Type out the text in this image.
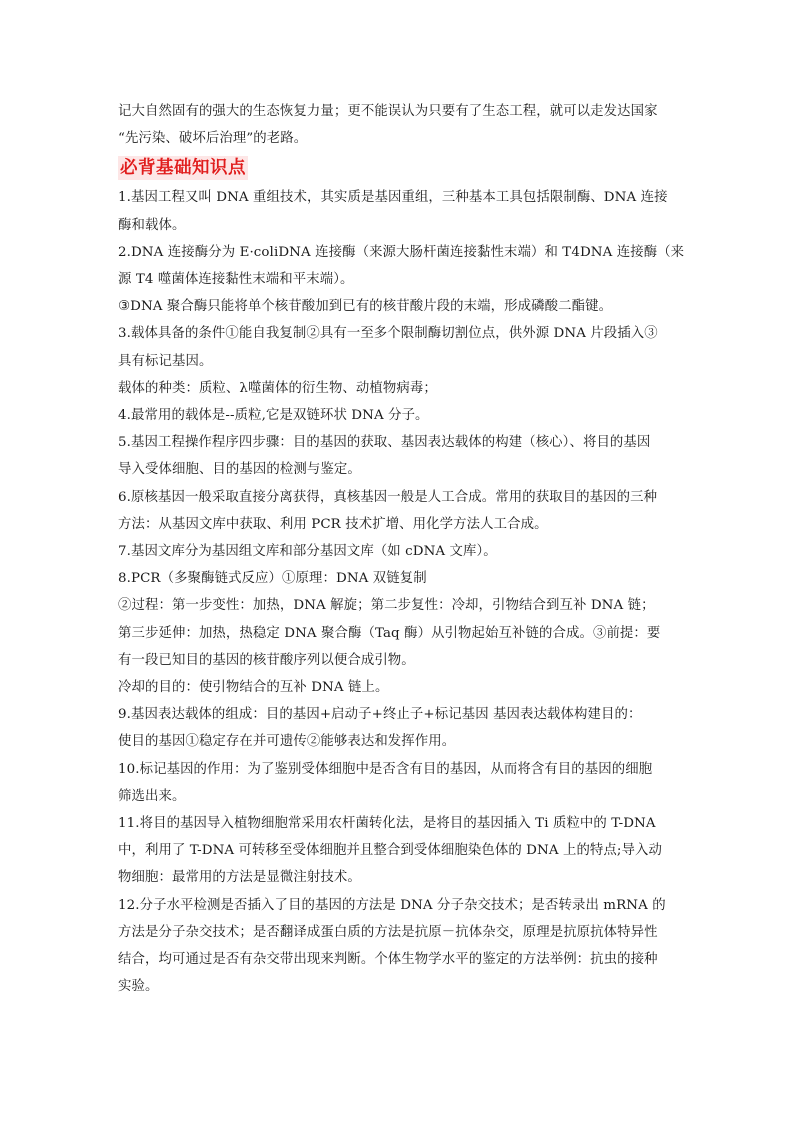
记大自然固有的强大的生态恢复力量；更不能误认为只要有了生态工程，就可以走发达国家
“先污染、破坏后治理”的老路。
必背基础知识点
1.基因工程又叫 DNA 重组技术，其实质是基因重组，三种基本工具包括限制酶、DNA 连接
酶和载体。
2.DNA 连接酶分为 E·coliDNA 连接酶（来源大肠杆菌连接黏性末端）和 T4DNA 连接酶（来
源 T4 噬菌体连接黏性末端和平末端）。
③DNA 聚合酶只能将单个核苷酸加到已有的核苷酸片段的末端，形成磷酸二酯键。
3.载体具备的条件①能自我复制②具有一至多个限制酶切割位点，供外源 DNA 片段插入③
具有标记基因。
载体的种类：质粒、λ噬菌体的衍生物、动植物病毒；
4.最常用的载体是--质粒,它是双链环状 DNA 分子。
5.基因工程操作程序四步骤：目的基因的获取、基因表达载体的构建（核心）、将目的基因
导入受体细胞、目的基因的检测与鉴定。
6.原核基因一般采取直接分离获得，真核基因一般是人工合成。常用的获取目的基因的三种
方法：从基因文库中获取、利用 PCR 技术扩增、用化学方法人工合成。
7.基因文库分为基因组文库和部分基因文库（如 cDNA 文库）。
8.PCR（多聚酶链式反应）①原理：DNA 双链复制
②过程：第一步变性：加热，DNA 解旋；第二步复性：冷却，引物结合到互补 DNA 链；
第三步延伸：加热，热稳定 DNA 聚合酶（Taq 酶）从引物起始互补链的合成。③前提：要
有一段已知目的基因的核苷酸序列以便合成引物。
冷却的目的：使引物结合的互补 DNA 链上。
9.基因表达载体的组成：目的基因+启动子+终止子+标记基因 基因表达载体构建目的：
使目的基因①稳定存在并可遗传②能够表达和发挥作用。
10.标记基因的作用：为了鉴别受体细胞中是否含有目的基因，从而将含有目的基因的细胞
筛选出来。
11.将目的基因导入植物细胞常采用农杆菌转化法，是将目的基因插入 Ti 质粒中的 T-DNA
中，利用了 T-DNA 可转移至受体细胞并且整合到受体细胞染色体的 DNA 上的特点;导入动
物细胞：最常用的方法是显微注射技术。
12.分子水平检测是否插入了目的基因的方法是 DNA 分子杂交技术；是否转录出 mRNA 的
方法是分子杂交技术；是否翻译成蛋白质的方法是抗原－抗体杂交，原理是抗原抗体特异性
结合，均可通过是否有杂交带出现来判断。个体生物学水平的鉴定的方法举例：抗虫的接种
实验。
